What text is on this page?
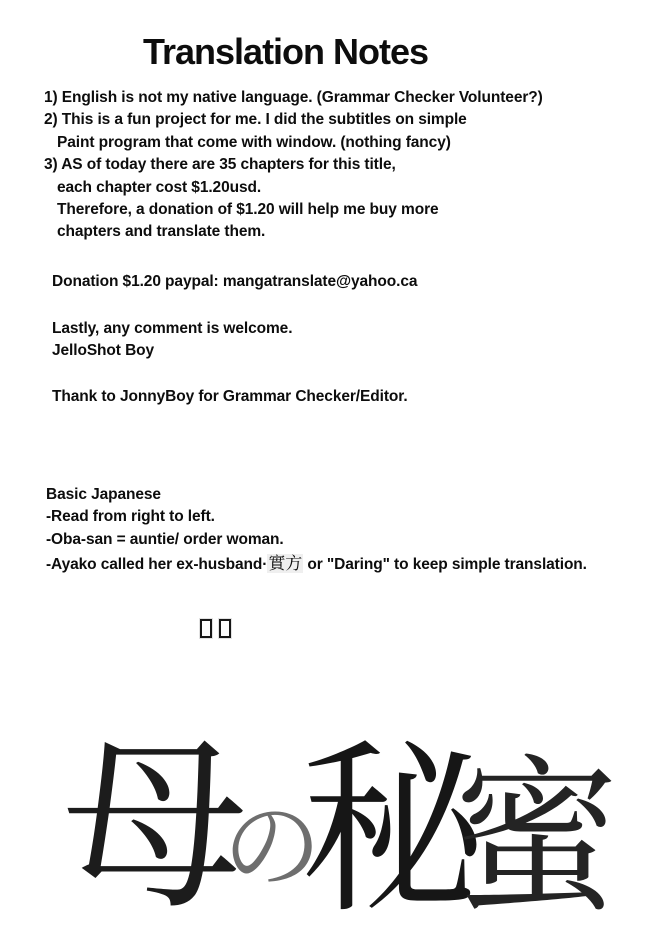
Translation Notes
1) English is not my native language. (Grammar Checker Volunteer?)
2) This is a fun project for me. I did the subtitles on simple
Paint program that come with window. (nothing fancy)
3) AS of today there are 35 chapters for this title,
each chapter cost $1.20usd.
Therefore, a donation of $1.20 will help me buy more
chapters and translate them.
Donation $1.20 paypal: mangatranslate@yahoo.ca
Lastly, any comment is welcome.
JelloShot Boy
Thank to JonnyBoy for Grammar Checker/Editor.
Basic Japanese
-Read from right to left.
-Oba-san = auntie/ order woman.
-Ayako called her ex-husband·實方 or "Daring" to keep simple translation.

母
の
秘
蜜
